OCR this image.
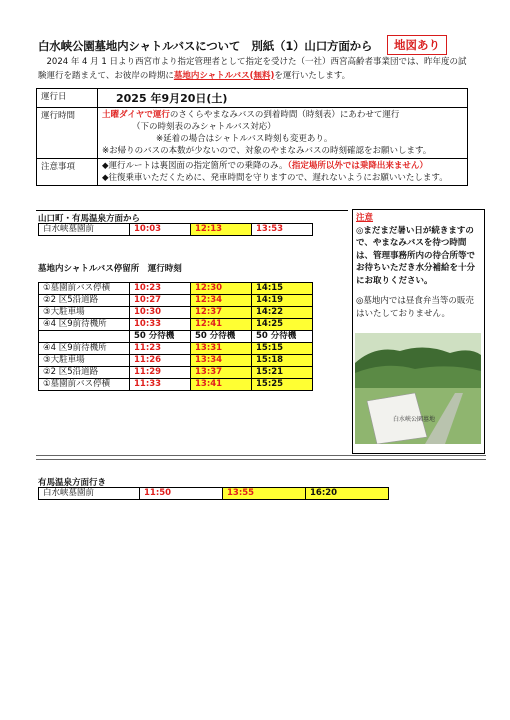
白水峡公園墓地内シャトルバスについて　別紙（1）山口方面から	地図あり
　2024 年 4 月 1 日より西宮市より指定管理者として指定を受けた（一社）西宮高齢者事業団では、昨年度の試験運行を踏まえて、お彼岸の時期に墓地内シャトルバス(無料)を運行いたします。
運行日	2025 年9月20日(土)
運行時間	土曜ダイヤで運行のさくらやまなみバスの到着時間（時刻表）にあわせて運行
（下の時刻表のみシャトルバス対応）
※延着の場合はシャトルバス時刻も変更あり。
※お帰りのバスの本数が少ないので、対象のやまなみバスの時刻確認をお願いします。

注意事項	◆運行ルートは裏図面の指定箇所での乗降のみ。（指定場所以外では乗降出来ません）
◆往復乗車いただくために、発車時間を守りますので、遅れないようにお願いいたします。
山口町・有馬温泉方面から
白水峡墓園前	10:03	12:13	13:53
墓地内シャトルバス停留所　運行時刻
①墓園前バス停横	10:23	12:30	14:15
②2 区5沿道路	10:27	12:34	14:19
③大駐車場	10:30	12:37	14:22
④4 区9前待機所	10:33	12:41	14:25
	50 分待機	50 分待機	50 分待機
④4 区9前待機所	11:23	13:31	15:15
③大駐車場	11:26	13:34	15:18
②2 区5沿道路	11:29	13:37	15:21
①墓園前バス停横	11:33	13:41	15:25
注意
◎まだまだ暑い日が続きますので、やまなみバスを待つ時間は、管理事務所内の待合所等でお待ちいただき水分補給を十分にお取りください。
◎墓地内では昼食弁当等の販売はいたしておりません。
白水峡公園墓地
有馬温泉方面行き
白水峡墓園前	11:50	13:55	16:20
